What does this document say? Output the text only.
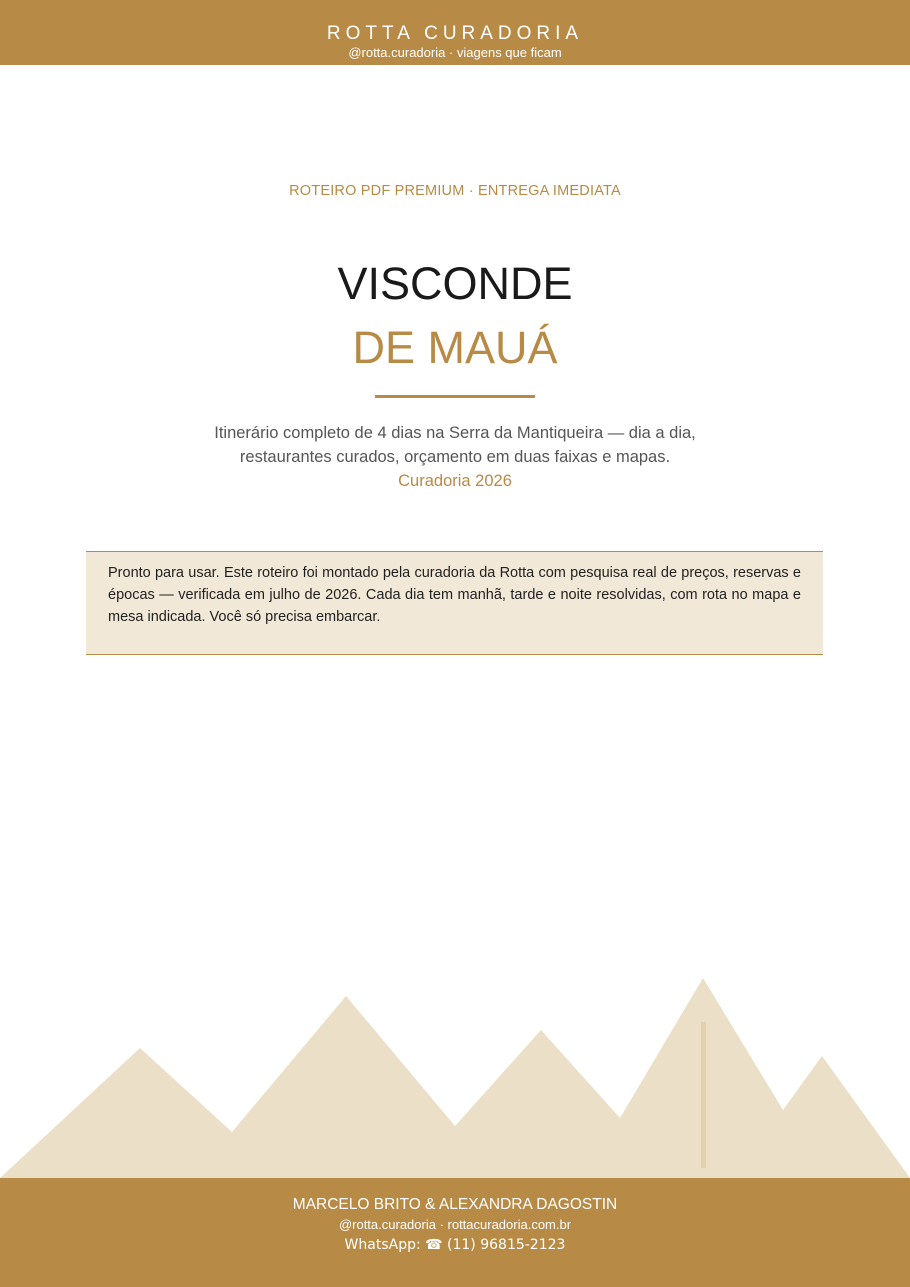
ROTTA CURADORIA
@rotta.curadoria · viagens que ficam
ROTEIRO PDF PREMIUM · ENTREGA IMEDIATA
VISCONDE
DE MAUÁ
Itinerário completo de 4 dias na Serra da Mantiqueira — dia a dia, restaurantes curados, orçamento em duas faixas e mapas.
Curadoria 2026
Pronto para usar. Este roteiro foi montado pela curadoria da Rotta com pesquisa real de preços, reservas e épocas — verificada em julho de 2026. Cada dia tem manhã, tarde e noite resolvidas, com rota no mapa e mesa indicada. Você só precisa embarcar.
MARCELO BRITO & ALEXANDRA DAGOSTIN
@rotta.curadoria · rottacuradoria.com.br
WhatsApp: ☎ (11) 96815-2123
